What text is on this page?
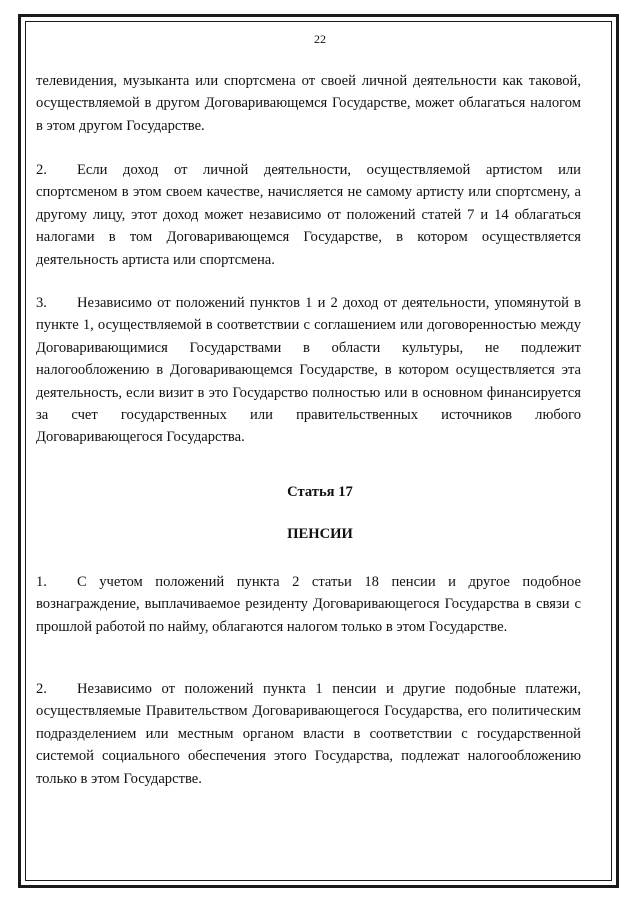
22

телевидения, музыканта или спортсмена от своей личной деятельности как таковой, осуществляемой в другом Договаривающемся Государстве, может облагаться налогом в этом другом Государстве.

2. Если доход от личной деятельности, осуществляемой артистом или спортсменом в этом своем качестве, начисляется не самому артисту или спортсмену, а другому лицу, этот доход может независимо от положений статей 7 и 14 облагаться налогами в том Договаривающемся Государстве, в котором осуществляется деятельность артиста или спортсмена.

3. Независимо от положений пунктов 1 и 2 доход от деятельности, упомянутой в пункте 1, осуществляемой в соответствии с соглашением или договоренностью между Договаривающимися Государствами в области культуры, не подлежит налогообложению в Договаривающемся Государстве, в котором осуществляется эта деятельность, если визит в это Государство полностью или в основном финансируется за счет государственных или правительственных источников любого Договаривающегося Государства.

Статья 17
ПЕНСИИ

1. С учетом положений пункта 2 статьи 18 пенсии и другое подобное вознаграждение, выплачиваемое резиденту Договаривающегося Государства в связи с прошлой работой по найму, облагаются налогом только в этом Государстве.

2. Независимо от положений пункта 1 пенсии и другие подобные платежи, осуществляемые Правительством Договаривающегося Государства, его политическим подразделением или местным органом власти в соответствии с государственной системой социального обеспечения этого Государства, подлежат налогообложению только в этом Государстве.
